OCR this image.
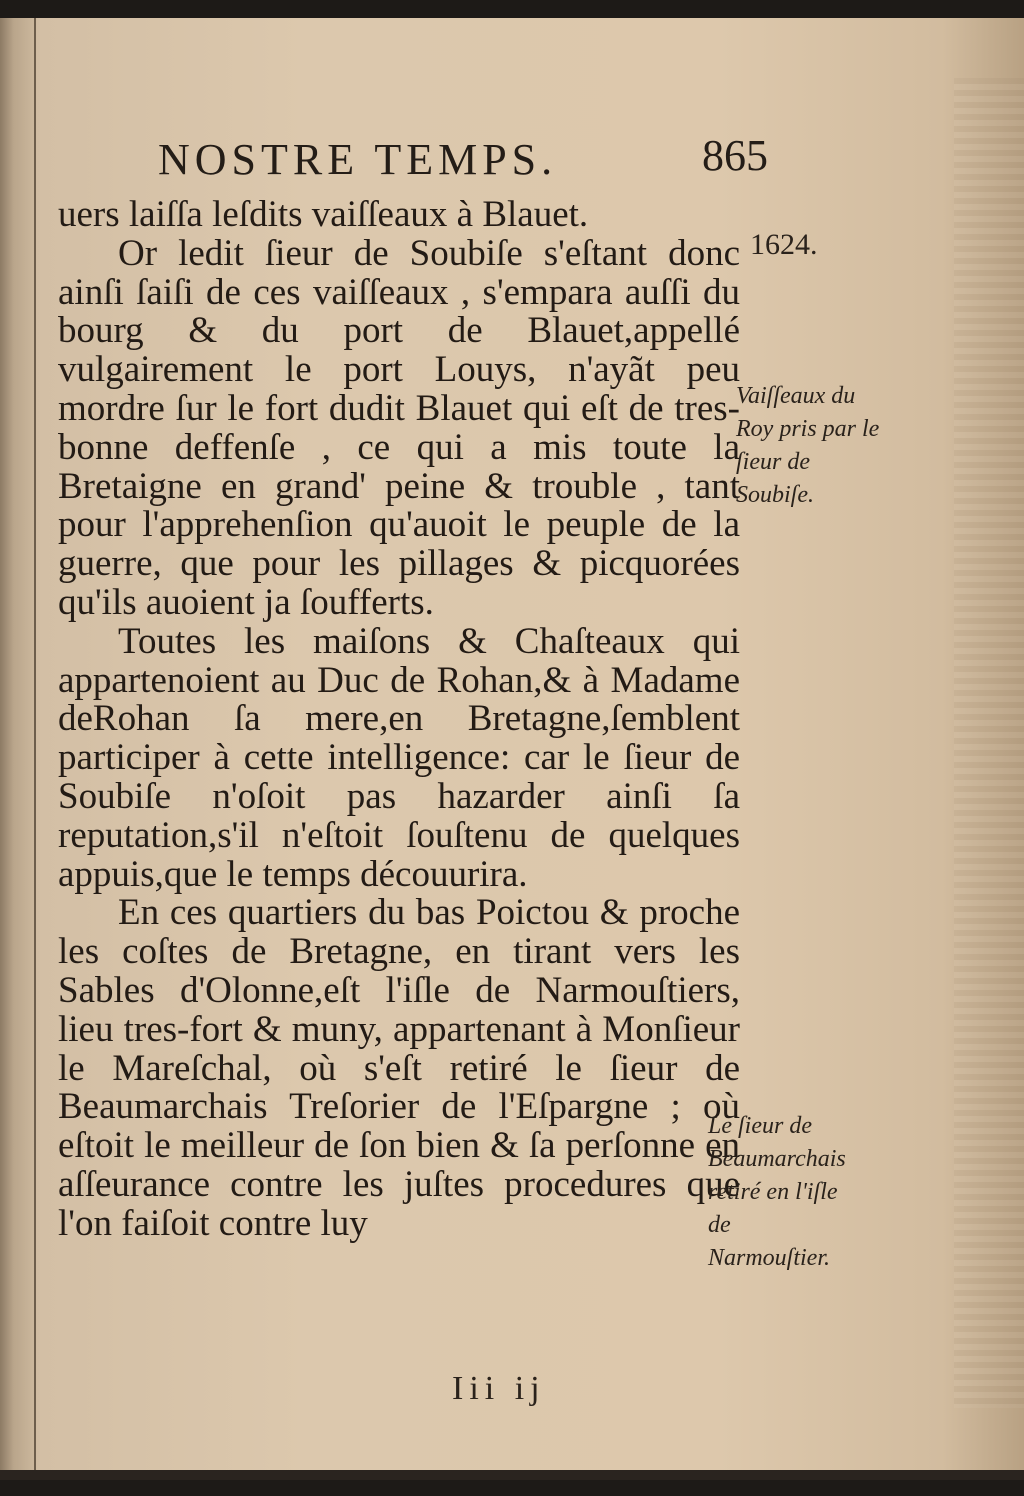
NOSTRE TEMPS.	865
1624.

uers laiſſa leſdits vaiſſeaux à Blauet.

Or ledit ſieur de Soubiſe s'eſtant donc ainſi ſaiſi de ces vaiſſeaux , s'empara auſſi du bourg & du port de Blauet,appellé vulgairement le port Louys, n'ayãt peu mordre ſur le fort dudit Blauet qui eſt de tres-bonne deffenſe , ce qui a mis toute la Bretaigne en grand' peine & trouble , tant pour l'apprehenſion qu'auoit le peuple de la guerre, que pour les pillages & picquorées qu'ils auoient ja ſoufferts.

Toutes les maiſons & Chaſteaux qui appartenoient au Duc de Rohan,& à Madame deRohan ſa mere,en Bretagne,ſemblent participer à cette intelligence: car le ſieur de Soubiſe n'oſoit pas hazarder ainſi ſa reputation,s'il n'eſtoit ſouſtenu de quelques appuis,que le temps découurira.

En ces quartiers du bas Poictou & proche les coſtes de Bretagne, en tirant vers les Sables d'Olonne,eſt l'iſle de Narmouſtiers, lieu tres-fort & muny, appartenant à Monſieur le Mareſchal, où s'eſt retiré le ſieur de Beaumarchais Treſorier de l'Eſpargne ; où eſtoit le meilleur de ſon bien & ſa perſonne en aſſeurance contre les juſtes procedures que l'on faiſoit contre luy

Vaiſſeaux du Roy pris par le ſieur de Soubiſe.
Le ſieur de Beaumarchais retiré en l'iſle de Narmouſtier.
Iii ij
